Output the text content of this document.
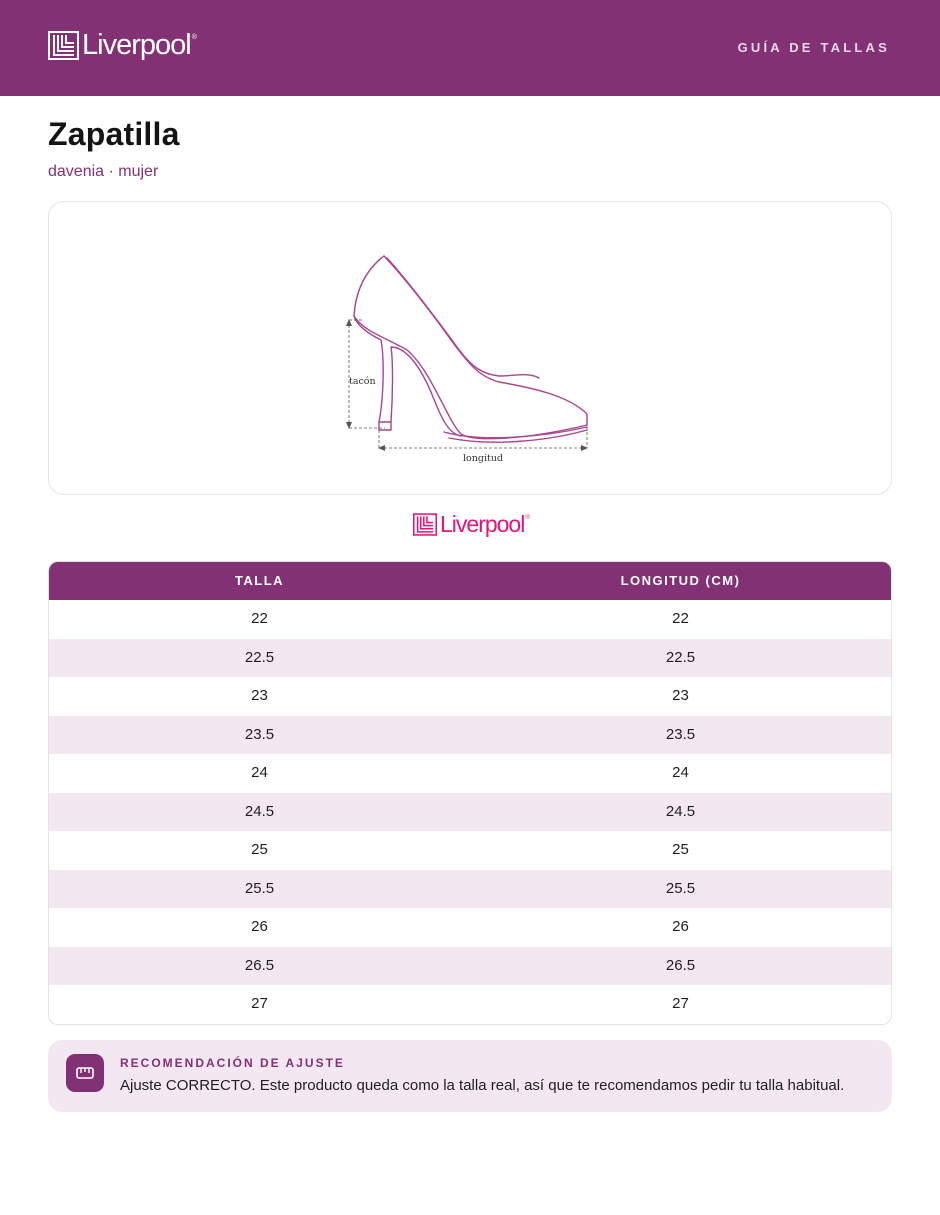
Liverpool ®
GUÍA DE TALLAS
Zapatilla
davenia · mujer
tacón
longitud
Liverpool ®
TALLA	LONGITUD (CM)
22	22
22.5	22.5
23	23
23.5	23.5
24	24
24.5	24.5
25	25
25.5	25.5
26	26
26.5	26.5
27	27
RECOMENDACIÓN DE AJUSTE
Ajuste CORRECTO. Este producto queda como la talla real, así que te recomendamos pedir tu talla habitual.
